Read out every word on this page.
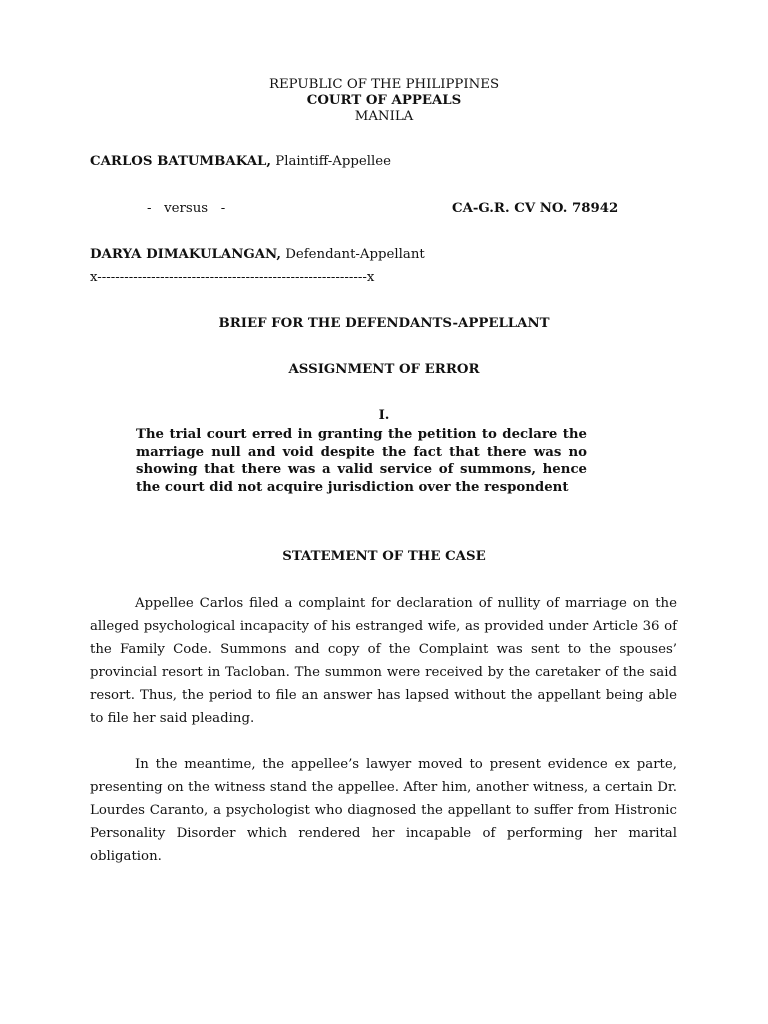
REPUBLIC OF THE PHILIPPINES
COURT OF APPEALS
MANILA
CARLOS BATUMBAKAL, Plaintiff-Appellee
-   versus   -	CA-G.R. CV NO. 78942
DARYA DIMAKULANGAN, Defendant-Appellant
x------------------------------------------------------------x
BRIEF FOR THE DEFENDANTS-APPELLANT
ASSIGNMENT OF ERROR
I.
The trial court erred in granting the petition to declare the marriage null and void despite the fact that there was no showing that there was a valid service of summons, hence the court did not acquire jurisdiction over the respondent
STATEMENT OF THE CASE
Appellee Carlos filed a complaint for declaration of nullity of marriage on the alleged psychological incapacity of his estranged wife, as provided under Article 36 of the Family Code. Summons and copy of the Complaint was sent to the spouses’ provincial resort in Tacloban. The summon were received by the caretaker of the said resort. Thus, the period to file an answer has lapsed without the appellant being able to file her said pleading.
In the meantime, the appellee’s lawyer moved to present evidence ex parte, presenting on the witness stand the appellee. After him, another witness, a certain Dr. Lourdes Caranto, a psychologist who diagnosed the appellant to suffer from Histronic Personality Disorder which rendered her incapable of performing her marital obligation.
